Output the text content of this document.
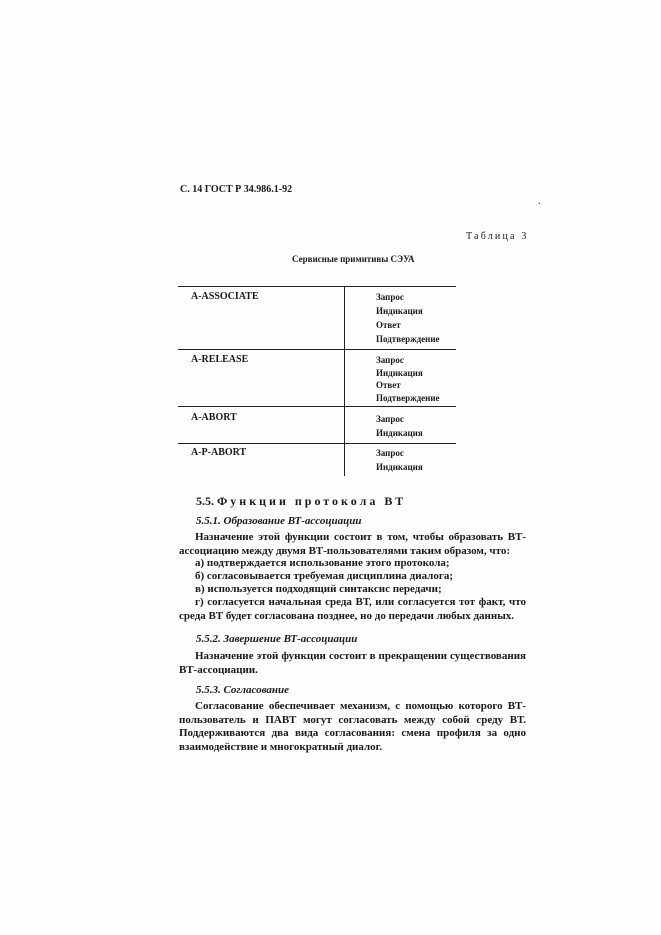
С. 14 ГОСТ Р 34.986.1-92
.
Таблица 3
Сервисные примитивы СЭУА
A-ASSOCIATE	Запрос
Индикация
Ответ
Подтверждение
A-RELEASE	Запрос
Индикация
Ответ
Подтверждение
A-ABORT	Запрос
Индикация
A-P-ABORT	Запрос
Индикация
5.5. Функции протокола ВТ
5.5.1. Образование ВТ-ассоциации

Назначение этой функции состоит в том, чтобы образовать ВТ-ассоциацию между двумя ВТ-пользователями таким образом, что:

а) подтверждается использование этого протокола;

б) согласовывается требуемая дисциплина диалога;

в) используется подходящий синтаксис передачи;

г) согласуется начальная среда ВТ, или согласуется тот факт, что среда ВТ будет согласована позднее, но до передачи любых данных.

5.5.2. Завершение ВТ-ассоциации

Назначение этой функции состоит в прекращении существования ВТ-ассоциации.

5.5.3. Согласование

Согласование обеспечивает механизм, с помощью которого ВТ-пользователь и ПАВТ могут согласовать между собой среду ВТ. Поддерживаются два вида согласования: смена профиля за одно взаимодействие и многократный диалог.
